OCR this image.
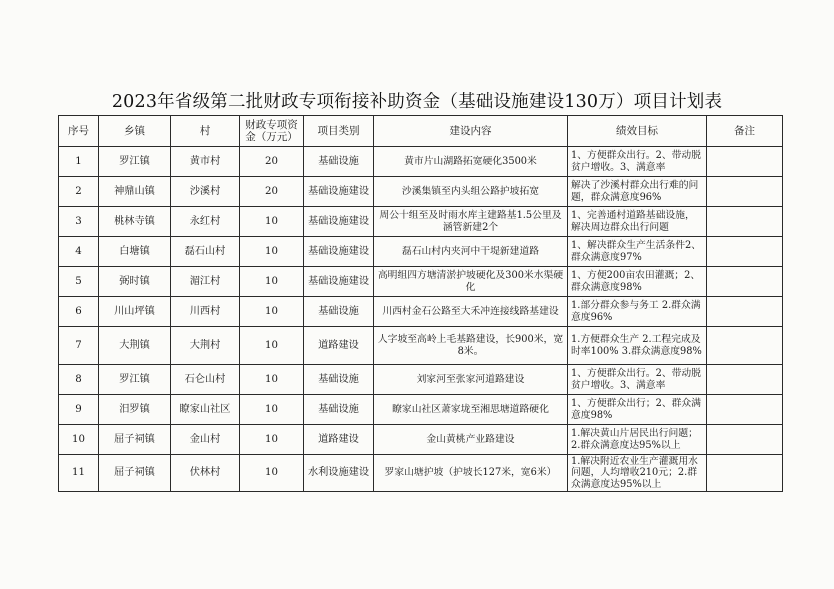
2023年省级第二批财政专项衔接补助资金（基础设施建设130万）项目计划表
序号	乡镇	村	财政专项资金（万元）	项目类别	建设内容	绩效目标	备注
1	罗江镇	黄市村	20	基础设施	黄市片山湖路拓宽硬化3500米	1、方便群众出行。2、带动脱贫户增收。3、满意率	
2	神鼎山镇	沙溪村	20	基础设施建设	沙溪集镇至内头组公路护坡拓宽	解决了沙溪村群众出行难的问题，群众满意度96%	
3	桃林寺镇	永红村	10	基础设施建设	周公十组至及时雨水库主建路基1.5公里及涵管新建2个	1、完善通村道路基础设施，解决周边群众出行问题	
4	白塘镇	磊石山村	10	基础设施建设	磊石山村内夹河中干堤新建道路	1、解决群众生产生活条件2、群众满意度97%	
5	弼时镇	湄江村	10	基础设施建设	高明组四方塘清淤护坡硬化及300米水渠硬化	1、方便200亩农田灌溉；2、群众满意度98%	
6	川山坪镇	川西村	10	基础设施	川西村金石公路至大禾冲连接线路基建设	1.部分群众参与务工 2.群众满意度96%	
7	大荆镇	大荆村	10	道路建设	人字坡至高岭上毛基路建设，长900米，宽8米。	1.方便群众生产 2.工程完成及时率100% 3.群众满意度98%	
8	罗江镇	石仑山村	10	基础设施	刘家河至张家河道路建设	1、方便群众出行。2、带动脱贫户增收。3、满意率	
9	汨罗镇	瞭家山社区	10	基础设施	瞭家山社区萧家垅至湘思塘道路硬化	1、方便群众出行；2、群众满意度98%	
10	屈子祠镇	金山村	10	道路建设	金山黄桃产业路建设	1.解决黄山片居民出行问题；2.群众满意度达95%以上	
11	屈子祠镇	伏林村	10	水利设施建设	罗家山塘护坡（护坡长127米，宽6米）	1.解决附近农业生产灌溉用水问题，人均增收210元；2.群众满意度达95%以上	
